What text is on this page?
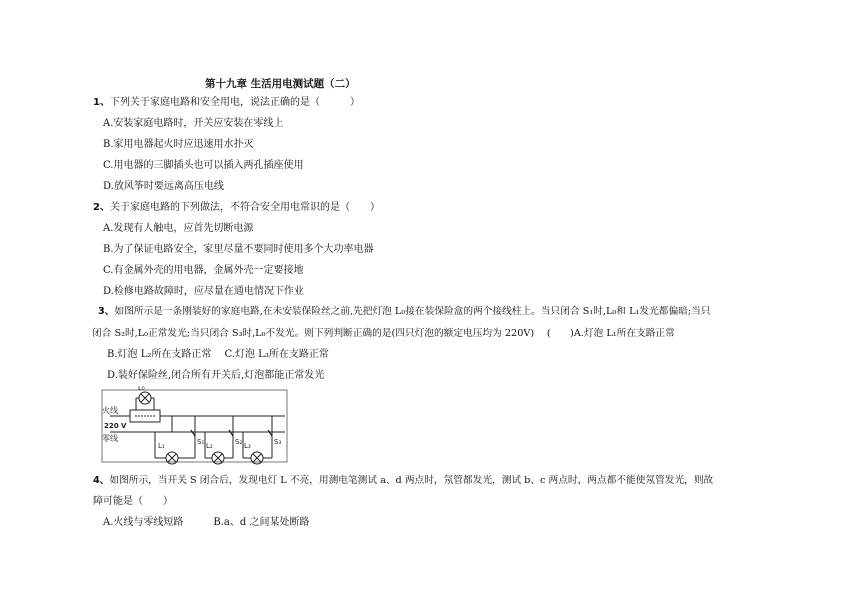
第十九章 生活用电测试题（二）
1、下列关于家庭电路和安全用电，说法正确的是（　　　）
A.安装家庭电路时，开关应安装在零线上
B.家用电器起火时应迅速用水扑灭
C.用电器的三脚插头也可以插入两孔插座使用
D.放风筝时要远离高压电线
2、关于家庭电路的下列做法，不符合安全用电常识的是（　　）
A.发现有人触电，应首先切断电源
B.为了保证电路安全，家里尽量不要同时使用多个大功率电器
C.有金属外壳的用电器，金属外壳一定要接地
D.检修电路故障时，应尽量在通电情况下作业
3、如图所示是一条刚装好的家庭电路,在未安装保险丝之前,先把灯泡 L₀接在装保险盒的两个接线柱上。当只闭合 S₁时,L₀和 L₁发光都偏暗;当只
闭合 S₂时,L₀正常发光;当只闭合 S₃时,L₀不发光。则下列判断正确的是(四只灯泡的额定电压均为 220V)　 (　　)A.灯泡 L₁所在支路正常
B.灯泡 L₂所在支路正常　 C.灯泡 L₃所在支路正常
D.装好保险丝,闭合所有开关后,灯泡都能正常发光
火线
220 V
零线
L₀
L₁	L₂	L₃
S₁	S₂	S₃
4、如图所示，当开关 S 闭合后，发现电灯 L 不亮，用测电笔测试 a、d 两点时，氖管都发光，测试 b、c 两点时，两点都不能使氖管发光，则故
障可能是（　　）
A.火线与零线短路　　　B.a、d 之间某处断路
